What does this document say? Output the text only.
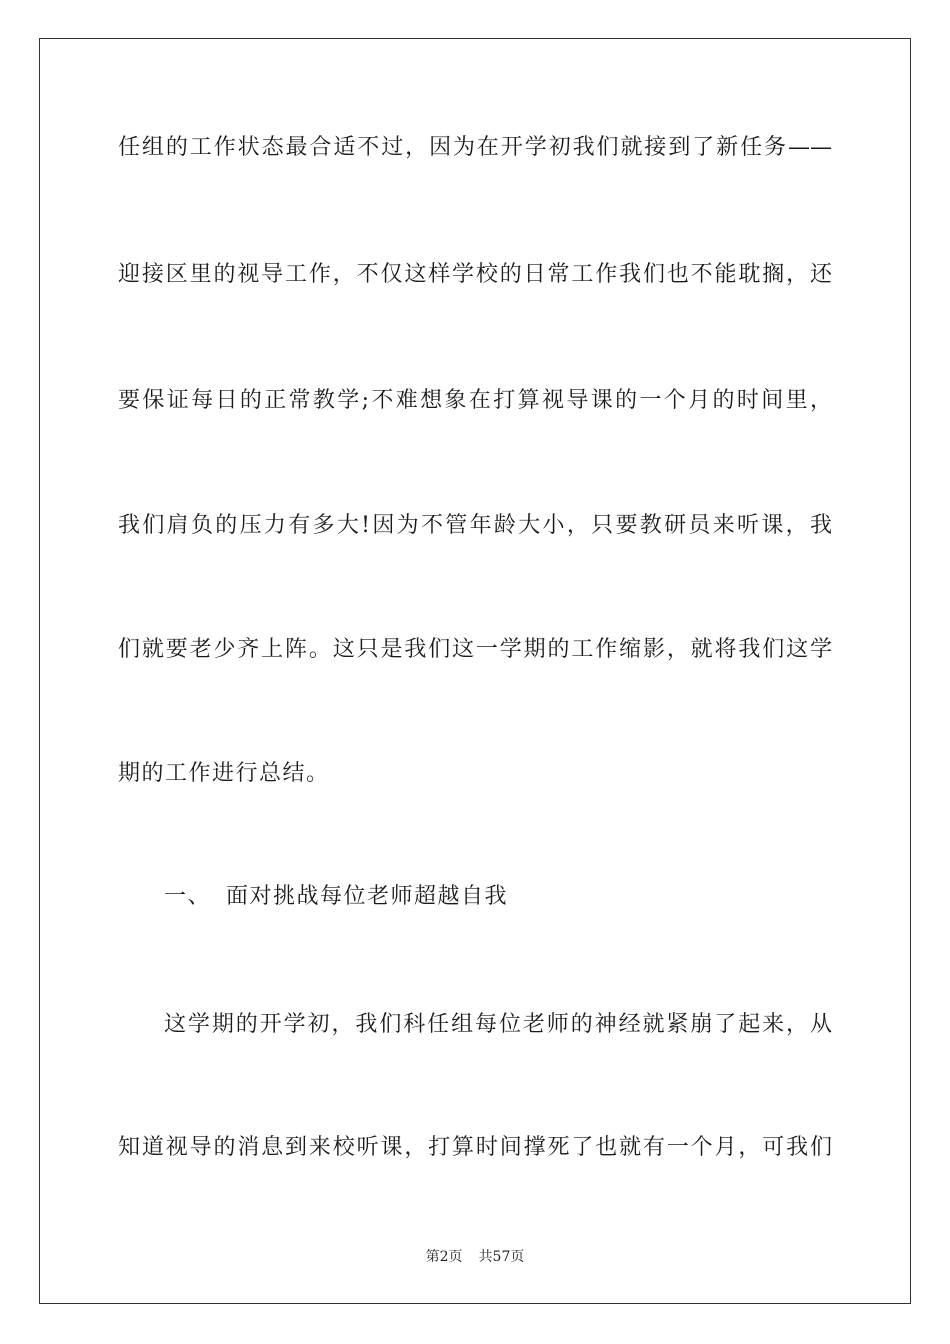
任组的工作状态最合适不过，因为在开学初我们就接到了新任务——
迎接区里的视导工作，不仅这样学校的日常工作我们也不能耽搁，还
要保证每日的正常教学;不难想象在打算视导课的一个月的时间里，
我们肩负的压力有多大!因为不管年龄大小，只要教研员来听课，我
们就要老少齐上阵。这只是我们这一学期的工作缩影，就将我们这学
期的工作进行总结。
一、 面对挑战每位老师超越自我
这学期的开学初，我们科任组每位老师的神经就紧崩了起来，从
知道视导的消息到来校听课，打算时间撑死了也就有一个月，可我们
第2页 共57页
